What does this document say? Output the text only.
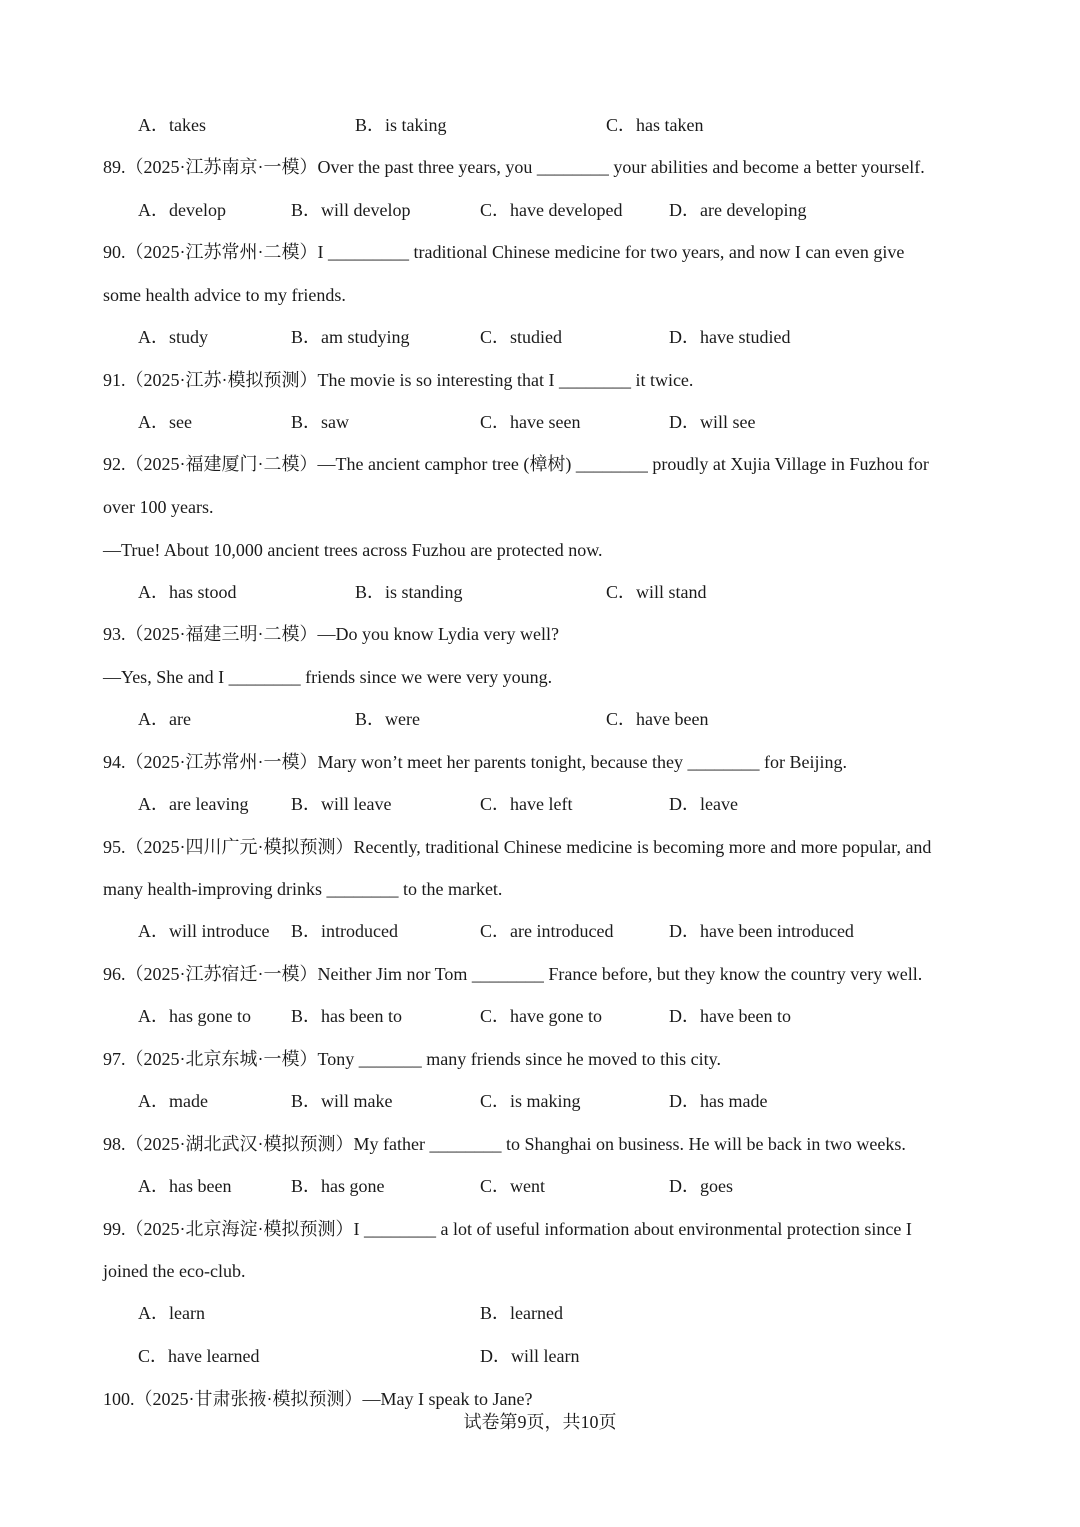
A．takes	B．is taking	C．has taken
89.（2025·江苏南京·一模）Over the past three years, you ________ your abilities and become a better yourself.
A．develop	B．will develop	C．have developed	D．are developing
90.（2025·江苏常州·二模）I _________ traditional Chinese medicine for two years, and now I can even give
some health advice to my friends.
A．study	B．am studying	C．studied	D．have studied
91.（2025·江苏·模拟预测）The movie is so interesting that I ________ it twice.
A．see	B．saw	C．have seen	D．will see
92.（2025·福建厦门·二模）—The ancient camphor tree (樟树) ________ proudly at Xujia Village in Fuzhou for
over 100 years.
—True! About 10,000 ancient trees across Fuzhou are protected now.
A．has stood	B．is standing	C．will stand
93.（2025·福建三明·二模）—Do you know Lydia very well?
—Yes, She and I ________ friends since we were very young.
A．are	B．were	C．have been
94.（2025·江苏常州·一模）Mary won’t meet her parents tonight, because they ________ for Beijing.
A．are leaving B．will leave	C．have left	D．leave
95.（2025·四川广元·模拟预测）Recently, traditional Chinese medicine is becoming more and more popular, and
many health-improving drinks ________ to the market.
A．will introduce B．introduced	C．are introduced	D．have been introduced
96.（2025·江苏宿迁·一模）Neither Jim nor Tom ________ France before, but they know the country very well.
A．has gone to B．has been to	C．have gone to	D．have been to
97.（2025·北京东城·一模）Tony _______ many friends since he moved to this city.
A．made	B．will make	C．is making	D．has made
98.（2025·湖北武汉·模拟预测）My father ________ to Shanghai on business. He will be back in two weeks.
A．has been	B．has gone	C．went	D．goes
99.（2025·北京海淀·模拟预测）I ________ a lot of useful information about environmental protection since I
joined the eco-club.
A．learn	B．learned
C．have learned	D．will learn
100.（2025·甘肃张掖·模拟预测）—May I speak to Jane?
试卷第9页，共10页
